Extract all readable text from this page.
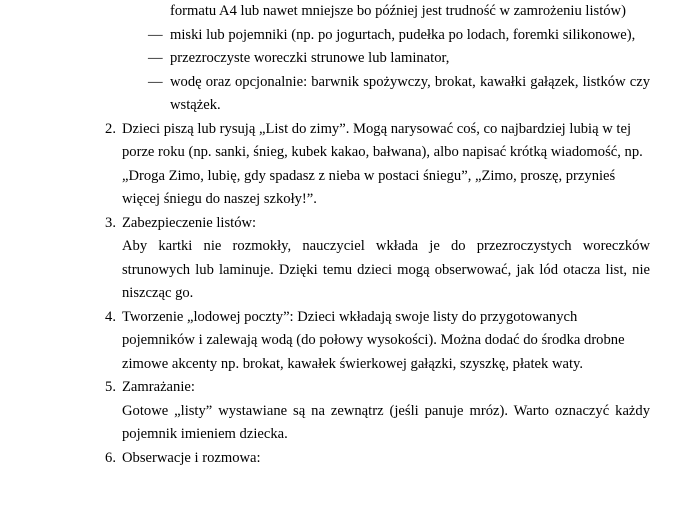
formatu A4 lub nawet mniejsze bo później jest trudność w zamrożeniu listów)

— miski lub pojemniki (np. po jogurtach, pudełka po lodach, foremki silikonowe),
— przezroczyste woreczki strunowe lub laminator,
— wodę oraz opcjonalnie: barwnik spożywczy, brokat, kawałki gałązek, listków czy wstążek.
2. Dzieci piszą lub rysują „List do zimy”. Mogą narysować coś, co najbardziej lubią w tej porze roku (np. sanki, śnieg, kubek kakao, bałwana), albo napisać krótką wiadomość, np. „Droga Zimo, lubię, gdy spadasz z nieba w postaci śniegu”, „Zimo, proszę, przynieś więcej śniegu do naszej szkoły!”.
3. Zabezpieczenie listów:

Aby kartki nie rozmokły, nauczyciel wkłada je do przezroczystych woreczków strunowych lub laminuje. Dzięki temu dzieci mogą obserwować, jak lód otacza list, nie niszcząc go.

4. Tworzenie „lodowej poczty”: Dzieci wkładają swoje listy do przygotowanych pojemników i zalewają wodą (do połowy wysokości). Można dodać do środka drobne zimowe akcenty np. brokat, kawałek świerkowej gałązki, szyszkę, płatek waty.
5. Zamrażanie:

Gotowe „listy” wystawiane są na zewnątrz (jeśli panuje mróz). Warto oznaczyć każdy pojemnik imieniem dziecka.

6. Obserwacje i rozmowa:
